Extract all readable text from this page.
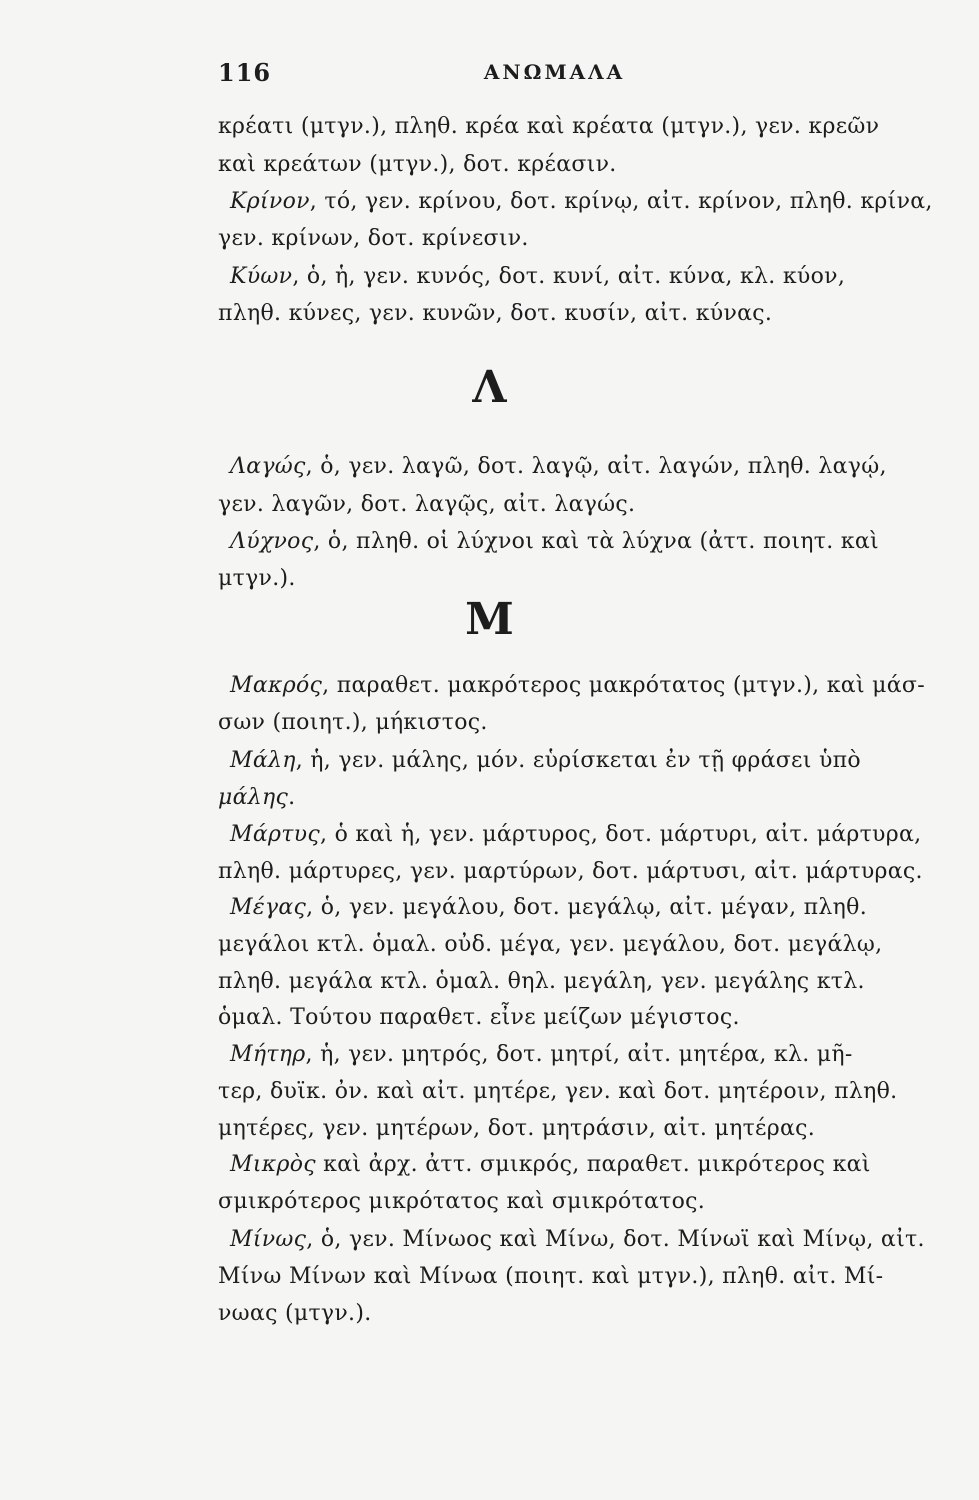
116	ΑΝΩΜΑΛΑ
κρέατι (μτγν.), πληθ. κρέα καὶ κρέατα (μτγν.), γεν. κρεῶν
καὶ κρεάτων (μτγν.), δοτ. κρέασιν.
Κρίνον, τό, γεν. κρίνου, δοτ. κρίνῳ, αἰτ. κρίνον, πληθ. κρίνα,
γεν. κρίνων, δοτ. κρίνεσιν.
Κύων, ὁ, ἡ, γεν. κυνός, δοτ. κυνί, αἰτ. κύνα, κλ. κύον,
πληθ. κύνες, γεν. κυνῶν, δοτ. κυσίν, αἰτ. κύνας.
Λ
Λαγώς, ὁ, γεν. λαγῶ, δοτ. λαγῷ, αἰτ. λαγών, πληθ. λαγῴ,
γεν. λαγῶν, δοτ. λαγῷς, αἰτ. λαγώς.
Λύχνος, ὁ, πληθ. οἱ λύχνοι καὶ τὰ λύχνα (ἀττ. ποιητ. καὶ
μτγν.).
Μ
Μακρός, παραθετ. μακρότερος μακρότατος (μτγν.), καὶ μάσ-
σων (ποιητ.), μήκιστος.
Μάλη, ἡ, γεν. μάλης, μόν. εὑρίσκεται ἐν τῇ φράσει ὑπὸ
μάλης.
Μάρτυς, ὁ καὶ ἡ, γεν. μάρτυρος, δοτ. μάρτυρι, αἰτ. μάρτυρα,
πληθ. μάρτυρες, γεν. μαρτύρων, δοτ. μάρτυσι, αἰτ. μάρτυρας.
Μέγας, ὁ, γεν. μεγάλου, δοτ. μεγάλῳ, αἰτ. μέγαν, πληθ.
μεγάλοι κτλ. ὁμαλ. οὐδ. μέγα, γεν. μεγάλου, δοτ. μεγάλῳ,
πληθ. μεγάλα κτλ. ὁμαλ. θηλ. μεγάλη, γεν. μεγάλης κτλ.
ὁμαλ. Τούτου παραθετ. εἶνε μείζων μέγιστος.
Μήτηρ, ἡ, γεν. μητρός, δοτ. μητρί, αἰτ. μητέρα, κλ. μῆ-
τερ, δυϊκ. ὀν. καὶ αἰτ. μητέρε, γεν. καὶ δοτ. μητέροιν, πληθ.
μητέρες, γεν. μητέρων, δοτ. μητράσιν, αἰτ. μητέρας.
Μικρὸς καὶ ἀρχ. ἀττ. σμικρός, παραθετ. μικρότερος καὶ
σμικρότερος μικρότατος καὶ σμικρότατος.
Μίνως, ὁ, γεν. Μίνωος καὶ Μίνω, δοτ. Μίνωϊ καὶ Μίνῳ, αἰτ.
Μίνω Μίνων καὶ Μίνωα (ποιητ. καὶ μτγν.), πληθ. αἰτ. Μί-
νωας (μτγν.).
